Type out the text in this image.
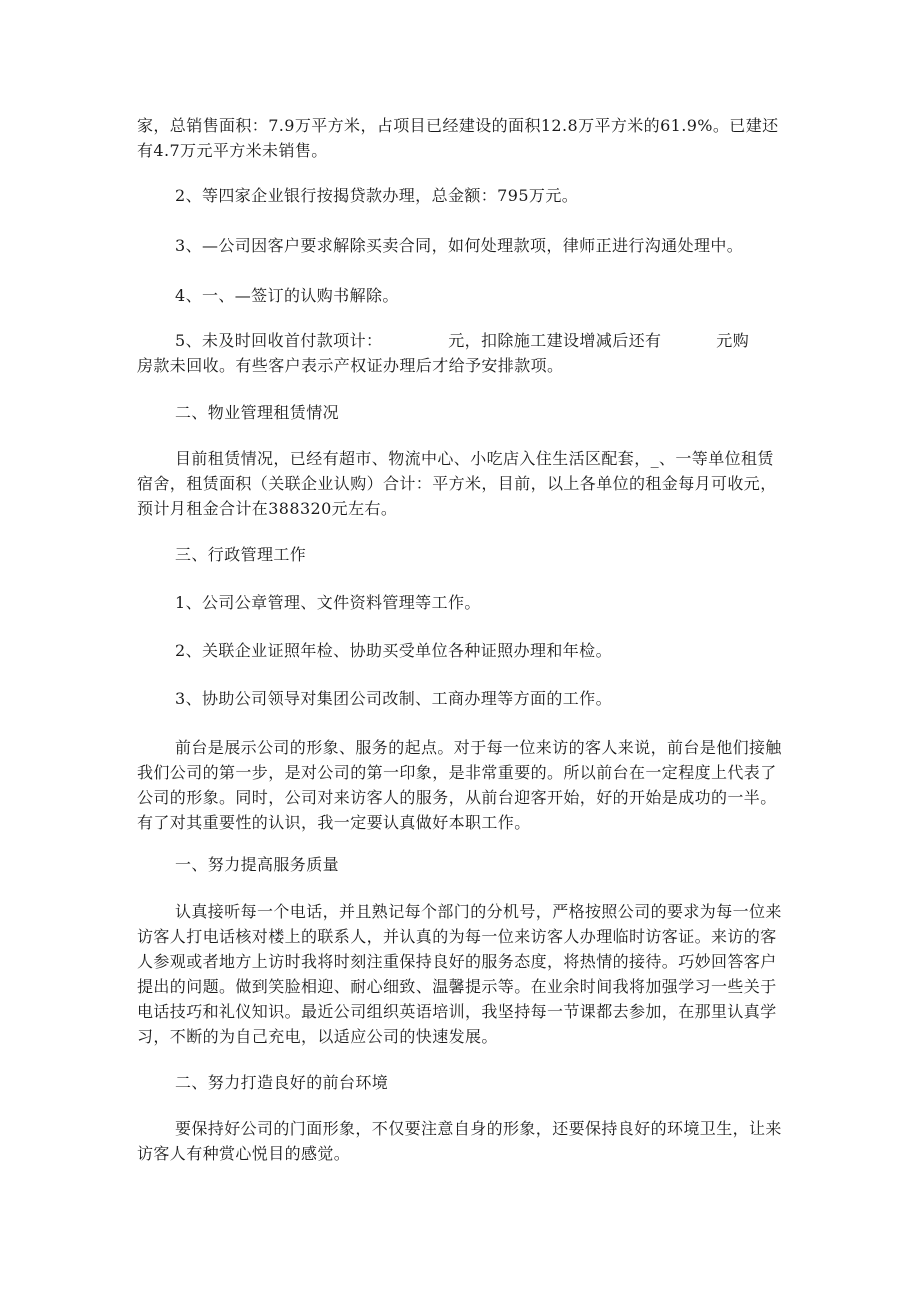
家，总销售面积：7.9万平方米，占项目已经建设的面积12.8万平方米的61.9%。已建还有4.7万元平方米未销售。

2、等四家企业银行按揭贷款办理，总金额：795万元。

3、—公司因客户要求解除买卖合同，如何处理款项，律师正进行沟通处理中。

4、一、—签订的认购书解除。

5、未及时回收首付款项计：	元，扣除施工建设增减后还有	元购

房款未回收。有些客户表示产权证办理后才给予安排款项。

二、物业管理租赁情况

目前租赁情况，已经有超市、物流中心、小吃店入住生活区配套，_、一等单位租赁宿舍，租赁面积（关联企业认购）合计：平方米，目前，以上各单位的租金每月可收元，预计月租金合计在388320元左右。

三、行政管理工作

1、公司公章管理、文件资料管理等工作。

2、关联企业证照年检、协助买受单位各种证照办理和年检。

3、协助公司领导对集团公司改制、工商办理等方面的工作。

前台是展示公司的形象、服务的起点。对于每一位来访的客人来说，前台是他们接触我们公司的第一步，是对公司的第一印象，是非常重要的。所以前台在一定程度上代表了公司的形象。同时，公司对来访客人的服务，从前台迎客开始，好的开始是成功的一半。有了对其重要性的认识，我一定要认真做好本职工作。

一、努力提高服务质量

认真接听每一个电话，并且熟记每个部门的分机号，严格按照公司的要求为每一位来访客人打电话核对楼上的联系人，并认真的为每一位来访客人办理临时访客证。来访的客人参观或者地方上访时我将时刻注重保持良好的服务态度，将热情的接待。巧妙回答客户提出的问题。做到笑脸相迎、耐心细致、温馨提示等。在业余时间我将加强学习一些关于电话技巧和礼仪知识。最近公司组织英语培训，我坚持每一节课都去参加，在那里认真学习，不断的为自己充电，以适应公司的快速发展。

二、努力打造良好的前台环境

要保持好公司的门面形象，不仅要注意自身的形象，还要保持良好的环境卫生，让来访客人有种赏心悦目的感觉。
